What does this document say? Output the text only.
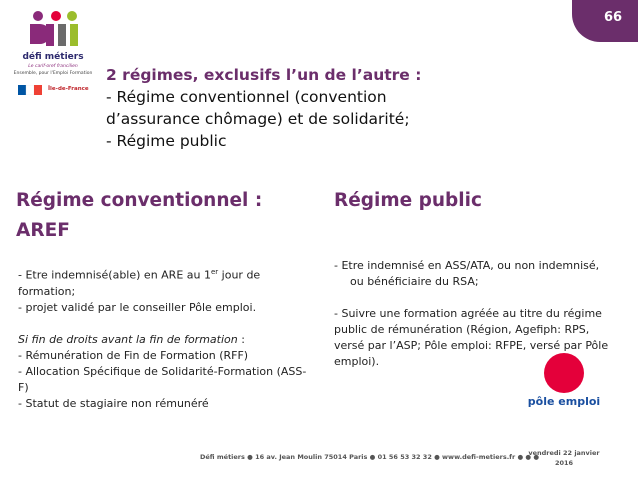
défi métiers
Le carif-oref francilien
Ensemble, pour l'Emploi Formation
Île-de-France
66
2 régimes, exclusifs l’un de l’autre :
- Régime conventionnel (convention
d’assurance chômage) et de solidarité;
- Régime public
Régime conventionnel :
AREF

- Etre indemnisé(able) en ARE au 1er jour de formation;

- projet validé par le conseiller Pôle emploi.

Si fin de droits avant la fin de formation :

- Rémunération de Fin de Formation (RFF)

- Allocation Spécifique de Solidarité-Formation (ASS-F)

- Statut de stagiaire non rémunéré

Régime public

- Etre indemnisé en ASS/ATA, ou non indemnisé, ou bénéficiaire du RSA;

- Suivre une formation agréée au titre du régime public de rémunération (Région, Agefiph: RPS, versé par l’ASP; Pôle emploi: RFPE, versé par Pôle emploi).

pôle emploi
Défi métiers ● 16 av. Jean Moulin 75014 Paris ● 01 56 53 32 32 ● www.defi-metiers.fr ● ● ●
vendredi 22 janvier
2016
